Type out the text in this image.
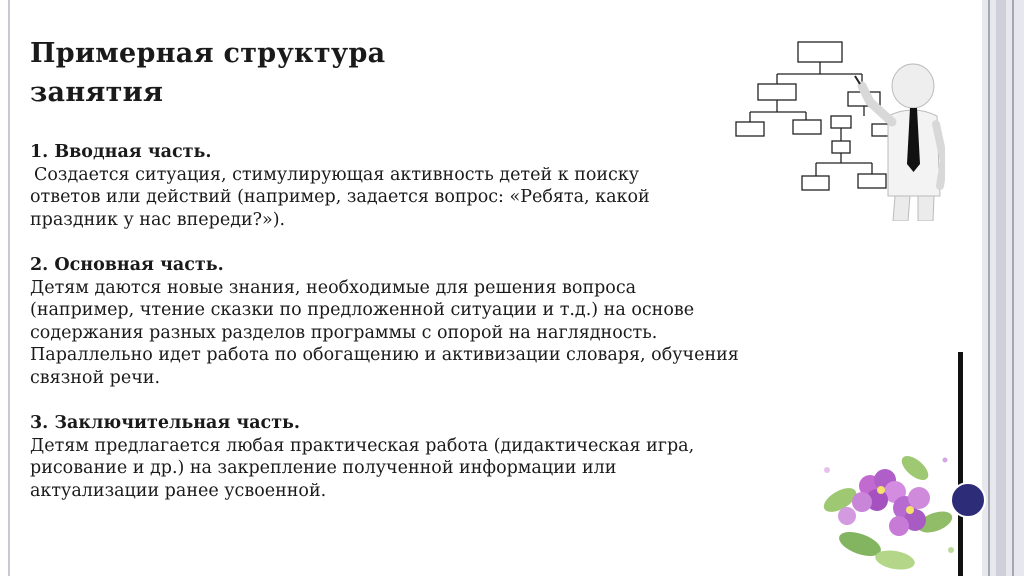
Примерная структура
занятия
1. Вводная часть.
Создается ситуация, стимулирующая активность детей к поиску
ответов или действий (например, задается вопрос: «Ребята, какой
праздник у нас впереди?»).
2. Основная часть.
Детям даются новые знания, необходимые для решения вопроса
(например, чтение сказки по предложенной ситуации и т.д.) на основе
содержания разных разделов программы с опорой на наглядность.
Параллельно идет работа по обогащению и активизации словаря, обучения
связной речи.
3. Заключительная часть.
Детям предлагается любая практическая работа (дидактическая игра,
рисование и др.) на закрепление полученной информации или
актуализации ранее усвоенной.
